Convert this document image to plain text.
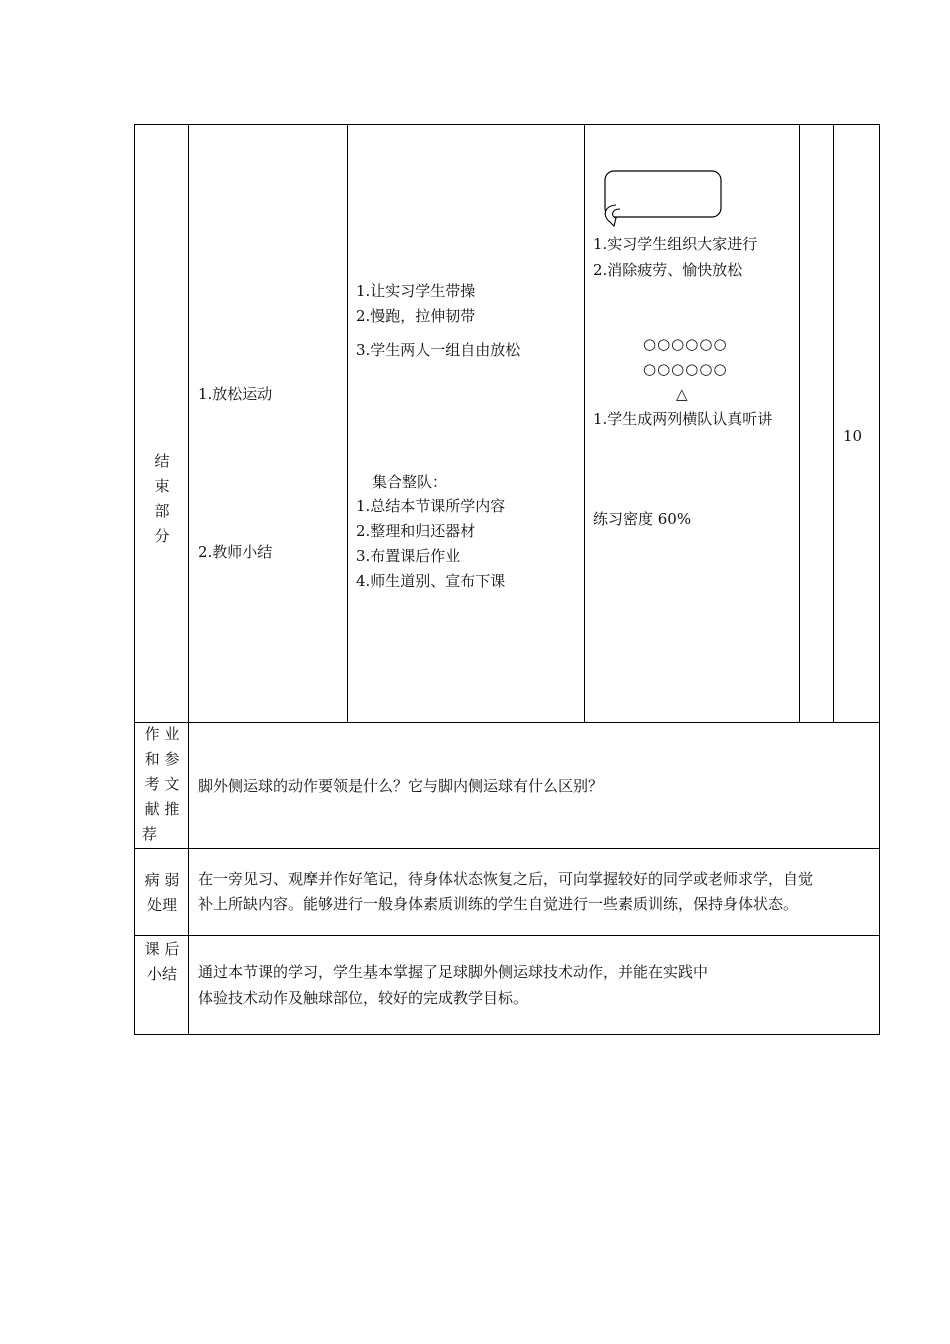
结
束
部
分
1.放松运动
2.教师小结
1.让实习学生带操
2.慢跑，拉伸韧带
3.学生两人一组自由放松
集合整队：
1.总结本节课所学内容
2.整理和归还器材
3.布置课后作业
4.师生道别、宣布下课
1.实习学生组织大家进行
2.消除疲劳、愉快放松
○○○○○○
○○○○○○
△
1.学生成两列横队认真听讲
练习密度 60%
10
作 业
和 参
考 文
献 推
荐
脚外侧运球的动作要领是什么？它与脚内侧运球有什么区别？
病 弱
处理
在一旁见习、观摩并作好笔记，待身体状态恢复之后，可向掌握较好的同学或老师求学，自觉
补上所缺内容。能够进行一般身体素质训练的学生自觉进行一些素质训练，保持身体状态。
课 后
小结	通过本节课的学习，学生基本掌握了足球脚外侧运球技术动作，并能在实践中
体验技术动作及触球部位，较好的完成教学目标。
